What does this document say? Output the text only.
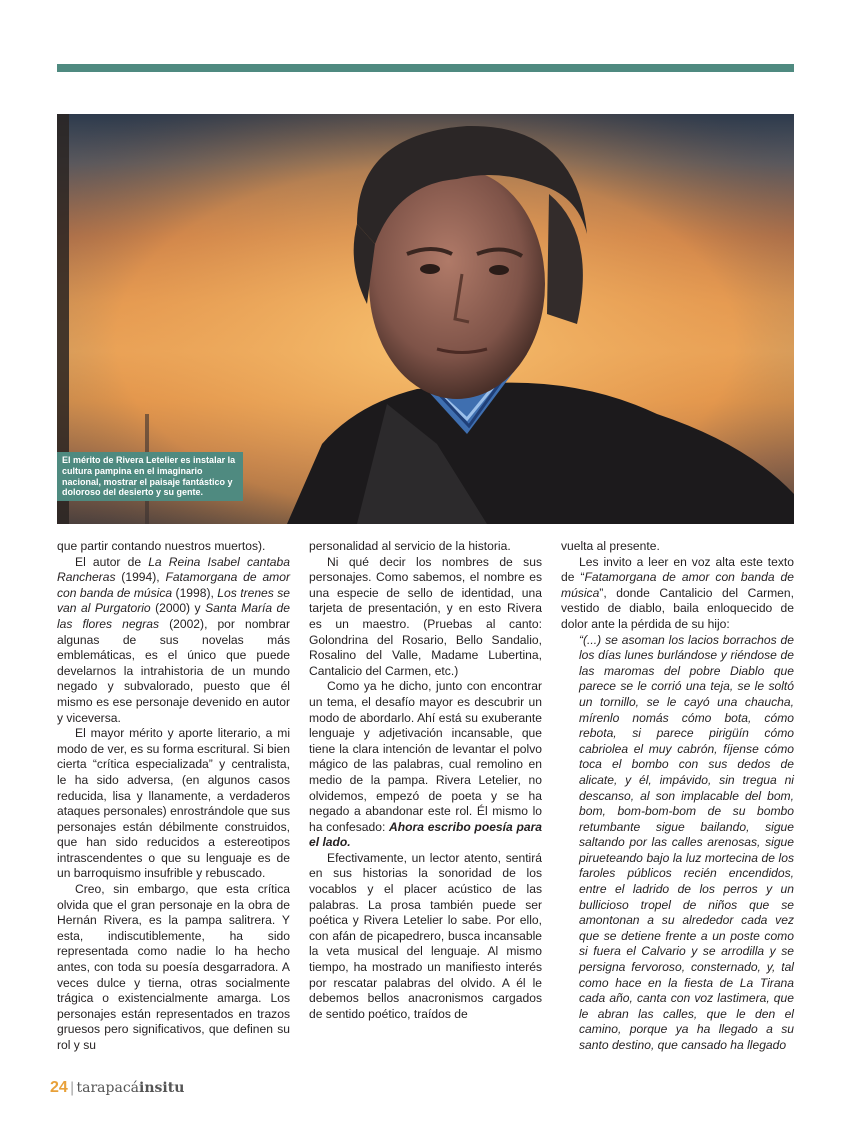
El mérito de Rivera Letelier es instalar la cultura pampina en el imaginario nacional, mostrar el paisaje fantástico y doloroso del desierto y su gente.

que partir contando nuestros muertos).

El autor de La Reina Isabel cantaba Rancheras (1994), Fatamorgana de amor con banda de música (1998), Los trenes se van al Purgatorio (2000) y Santa María de las flores negras (2002), por nombrar algunas de sus novelas más emblemáticas, es el único que puede develarnos la intrahistoria de un mundo negado y subvalorado, puesto que él mismo es ese personaje devenido en autor y viceversa.

El mayor mérito y aporte literario, a mi modo de ver, es su forma escritural. Si bien cierta “crítica especializada” y centralista, le ha sido adversa, (en algunos casos reducida, lisa y llanamente, a verdaderos ataques personales) enrostrándole que sus personajes están débilmente construidos, que han sido reducidos a estereotipos intrascendentes o que su lenguaje es de un barroquismo insufrible y rebuscado.

Creo, sin embargo, que esta crítica olvida que el gran personaje en la obra de Hernán Rivera, es la pampa salitrera. Y esta, indiscutiblemente, ha sido representada como nadie lo ha hecho antes, con toda su poesía desgarradora. A veces dulce y tierna, otras socialmente trágica o existencialmente amarga. Los personajes están representados en trazos gruesos pero significativos, que definen su rol y su

personalidad al servicio de la historia.

Ni qué decir los nombres de sus personajes. Como sabemos, el nombre es una especie de sello de identidad, una tarjeta de presentación, y en esto Rivera es un maestro. (Pruebas al canto: Golondrina del Rosario, Bello Sandalio, Rosalino del Valle, Madame Lubertina, Cantalicio del Carmen, etc.)

Como ya he dicho, junto con encontrar un tema, el desafío mayor es descubrir un modo de abordarlo. Ahí está su exuberante lenguaje y adjetivación incansable, que tiene la clara intención de levantar el polvo mágico de las palabras, cual remolino en medio de la pampa. Rivera Letelier, no olvidemos, empezó de poeta y se ha negado a abandonar este rol. Él mismo lo ha confesado: Ahora escribo poesía para el lado.

Efectivamente, un lector atento, sentirá en sus historias la sonoridad de los vocablos y el placer acústico de las palabras. La prosa también puede ser poética y Rivera Letelier lo sabe. Por ello, con afán de picapedrero, busca incansable la veta musical del lenguaje. Al mismo tiempo, ha mostrado un manifiesto interés por rescatar palabras del olvido. A él le debemos bellos anacronismos cargados de sentido poético, traídos de

vuelta al presente.

Les invito a leer en voz alta este texto de “Fatamorgana de amor con banda de música”, donde Cantalicio del Carmen, vestido de diablo, baila enloquecido de dolor ante la pérdida de su hijo:

“(...) se asoman los lacios borrachos de los días lunes burlándose y riéndose de las maromas del pobre Diablo que parece se le corrió una teja, se le soltó un tornillo, se le cayó una chaucha, mírenlo nomás cómo bota, cómo rebota, si parece pirigüín cómo cabriolea el muy cabrón, fíjense cómo toca el bombo con sus dedos de alicate, y él, impávido, sin tregua ni descanso, al son implacable del bom, bom, bom-bom-bom de su bombo retumbante sigue bailando, sigue saltando por las calles arenosas, sigue pirueteando bajo la luz mortecina de los faroles públicos recién encendidos, entre el ladrido de los perros y un bullicioso tropel de niños que se amontonan a su alrededor cada vez que se detiene frente a un poste como si fuera el Calvario y se arrodilla y se persigna fervoroso, consternado, y, tal como hace en la fiesta de La Tirana cada año, canta con voz lastimera, que le abran las calles, que le den el camino, porque ya ha llegado a su santo destino, que cansado ha llegado

24 | tarapacáinsitu
